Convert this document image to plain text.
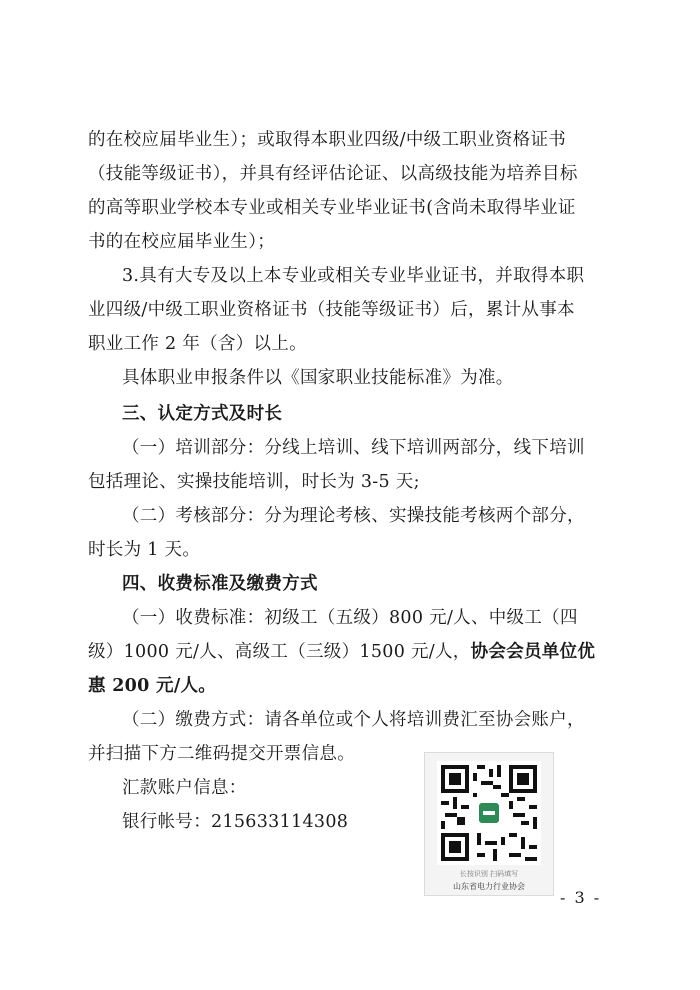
的在校应届毕业生）；或取得本职业四级/中级工职业资格证书
（技能等级证书），并具有经评估论证、以高级技能为培养目标
的高等职业学校本专业或相关专业毕业证书(含尚未取得毕业证
书的在校应届毕业生）；
3.具有大专及以上本专业或相关专业毕业证书，并取得本职
业四级/中级工职业资格证书（技能等级证书）后，累计从事本
职业工作 2 年（含）以上。
具体职业申报条件以《国家职业技能标准》为准。
三、认定方式及时长
（一）培训部分：分线上培训、线下培训两部分，线下培训
包括理论、实操技能培训，时长为 3-5 天;
（二）考核部分：分为理论考核、实操技能考核两个部分，
时长为 1 天。
四、收费标准及缴费方式
（一）收费标准：初级工（五级）800 元/人、中级工（四
级）1000 元/人、高级工（三级）1500 元/人，协会会员单位优
惠 200 元/人。
（二）缴费方式：请各单位或个人将培训费汇至协会账户，
并扫描下方二维码提交开票信息。
汇款账户信息：
银行帐号：21563311430​8
长按识别 扫码填写
山东省电力行业协会
- 3 -
